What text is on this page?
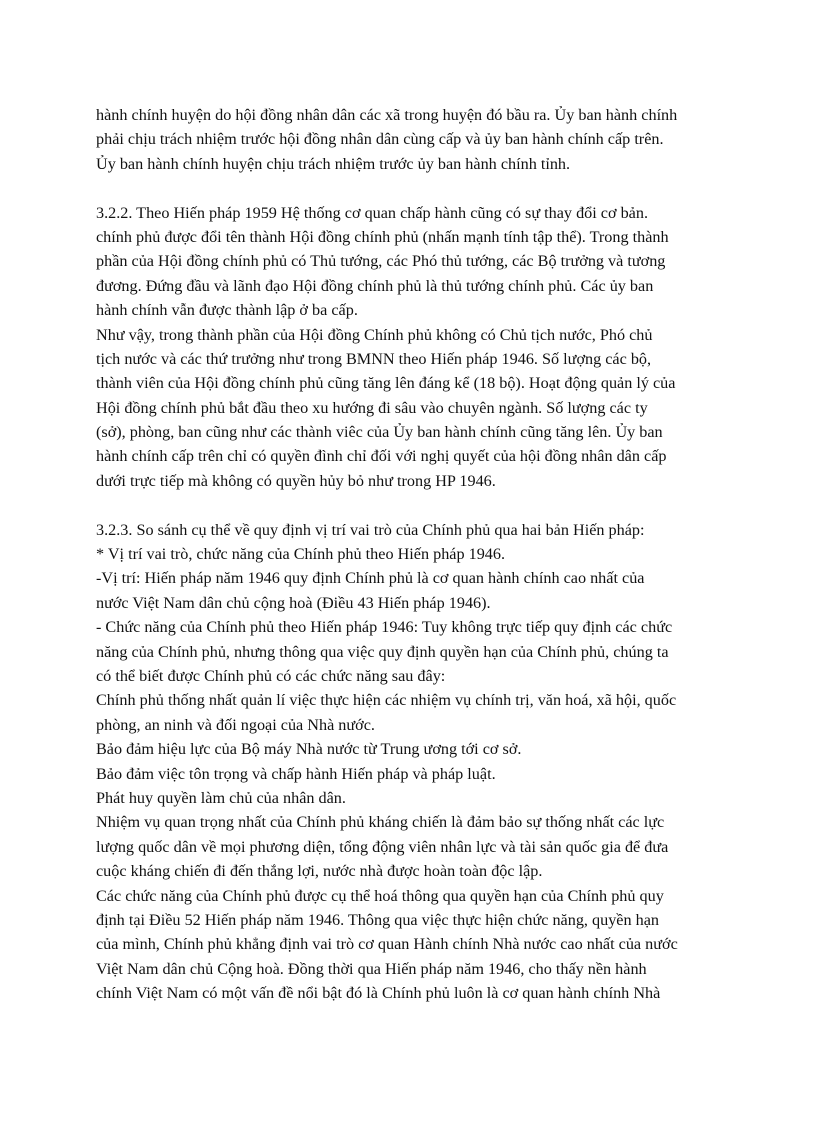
hành chính huyện do hội đồng nhân dân các xã trong huyện đó bầu ra. Ủy ban hành chính
phải chịu trách nhiệm trước hội đồng nhân dân cùng cấp và ủy ban hành chính cấp trên.
Ủy ban hành chính huyện chịu trách nhiệm trước ủy ban hành chính tỉnh.
3.2.2. Theo Hiến pháp 1959 Hệ thống cơ quan chấp hành cũng có sự thay đổi cơ bản.
chính phủ được đổi tên thành Hội đồng chính phủ (nhấn mạnh tính tập thể). Trong thành
phần của Hội đồng chính phủ có Thủ tướng, các Phó thủ tướng, các Bộ trưởng và tương
đương. Đứng đầu và lãnh đạo Hội đồng chính phủ là thủ tướng chính phủ. Các ủy ban
hành chính vẫn được thành lập ở ba cấp.
Như vậy, trong thành phần của Hội đồng Chính phủ không có Chủ tịch nước, Phó chủ
tịch nước và các thứ trưởng như trong BMNN theo Hiến pháp 1946. Số lượng các bộ,
thành viên của Hội đồng chính phủ cũng tăng lên đáng kể (18 bộ). Hoạt động quản lý của
Hội đồng chính phủ bắt đầu theo xu hướng đi sâu vào chuyên ngành. Số lượng các ty
(sở), phòng, ban cũng như các thành viêc của Ủy ban hành chính cũng tăng lên. Ủy ban
hành chính cấp trên chỉ có quyền đình chỉ đối với nghị quyết của hội đồng nhân dân cấp
dưới trực tiếp mà không có quyền hủy bỏ như trong HP 1946.
3.2.3. So sánh cụ thể về quy định vị trí vai trò của Chính phủ qua hai bản Hiến pháp:
* Vị trí vai trò, chức năng của Chính phủ theo Hiến pháp 1946.
-Vị trí: Hiến pháp năm 1946 quy định Chính phủ là cơ quan hành chính cao nhất của
nước Việt Nam dân chủ cộng hoà (Điều 43 Hiến pháp 1946).
- Chức năng của Chính phủ theo Hiến pháp 1946: Tuy không trực tiếp quy định các chức
năng của Chính phủ, nhưng thông qua việc quy định quyền hạn của Chính phủ, chúng ta
có thể biết được Chính phủ có các chức năng sau đây:
Chính phủ thống nhất quản lí việc thực hiện các nhiệm vụ chính trị, văn hoá, xã hội, quốc
phòng, an ninh và đối ngoại của Nhà nước.
Bảo đảm hiệu lực của Bộ máy Nhà nước từ Trung ương tới cơ sở.
Bảo đảm việc tôn trọng và chấp hành Hiến pháp và pháp luật.
Phát huy quyền làm chủ của nhân dân.
Nhiệm vụ quan trọng nhất của Chính phủ kháng chiến là đảm bảo sự thống nhất các lực
lượng quốc dân về mọi phương diện, tổng động viên nhân lực và tài sản quốc gia để đưa
cuộc kháng chiến đi đến thắng lợi, nước nhà được hoàn toàn độc lập.
Các chức năng của Chính phủ được cụ thể hoá thông qua quyền hạn của Chính phủ quy
định tại Điều 52 Hiến pháp năm 1946. Thông qua việc thực hiện chức năng, quyền hạn
của mình, Chính phủ khẳng định vai trò cơ quan Hành chính Nhà nước cao nhất của nước
Việt Nam dân chủ Cộng hoà. Đồng thời qua Hiến pháp năm 1946, cho thấy nền hành
chính Việt Nam có một vấn đề nổi bật đó là Chính phủ luôn là cơ quan hành chính Nhà
